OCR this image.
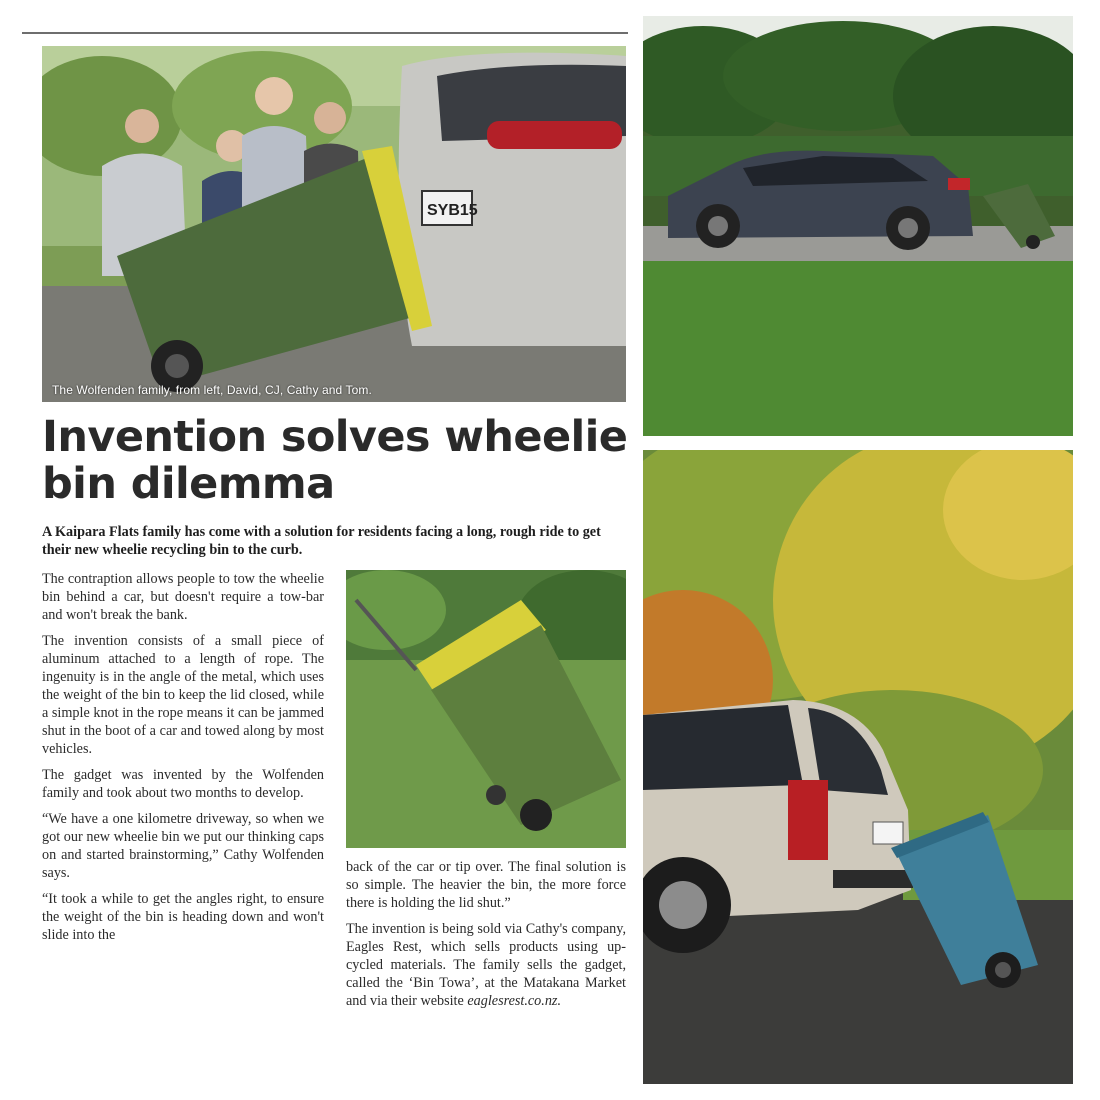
SYB15
The Wolfenden family, from left, David, CJ, Cathy and Tom.
Invention solves wheelie
bin dilemma
A Kaipara Flats family has come with a solution for residents facing a long, rough ride to get their new wheelie recycling bin to the curb.

The contraption allows people to tow the wheelie bin behind a car, but doesn't require a tow-bar and won't break the bank.

The invention consists of a small piece of aluminum attached to a length of rope. The ingenuity is in the angle of the metal, which uses the weight of the bin to keep the lid closed, while a simple knot in the rope means it can be jammed shut in the boot of a car and towed along by most vehicles.

The gadget was invented by the Wolfenden family and took about two months to develop.

“We have a one kilometre driveway, so when we got our new wheelie bin we put our thinking caps on and started brainstorming,” Cathy Wolfenden says.

“It took a while to get the angles right, to ensure the weight of the bin is heading down and won't slide into the

back of the car or tip over. The final solution is so simple. The heavier the bin, the more force there is holding the lid shut.”

The invention is being sold via Cathy's company, Eagles Rest, which sells products using up-cycled materials. The family sells the gadget, called the ‘Bin Towa’, at the Matakana Market and via their website eaglesrest.co.nz.
